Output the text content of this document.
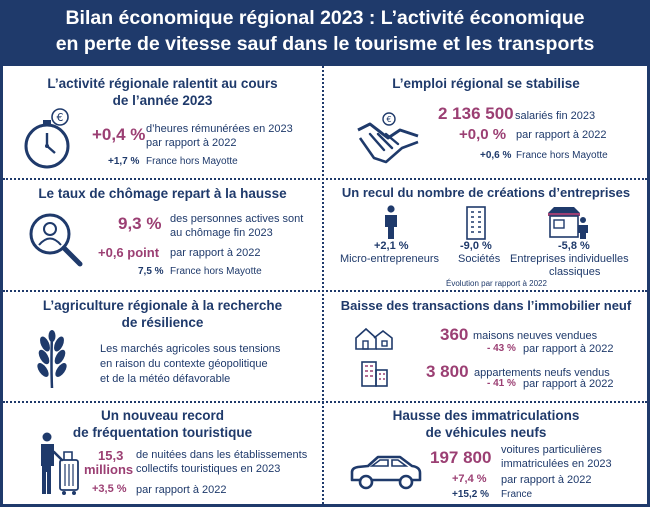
Bilan économique régional 2023 : L’activité économique
en perte de vitesse sauf dans le tourisme et les transports
L’activité régionale ralentit au cours
de l’année 2023
€
+0,4 % d’heures rémunérées en 2023
par rapport à 2022
+1,7 % France hors Mayotte
L’emploi régional se stabilise
€	2 136 500 salariés fin 2023
+0,0 % par rapport à 2022
+0,6 % France hors Mayotte
Le taux de chômage repart à la hausse
9,3 % des personnes actives sont
au chômage fin 2023
+0,6 point par rapport à 2022
7,5 % France hors Mayotte
Un recul du nombre de créations d’entreprises
+2,1 %
Micro-entrepreneurs
-9,0 %
Sociétés
-5,8 %
Entreprises individuelles
classiques
Évolution par rapport à 2022
L’agriculture régionale à la recherche
de résilience
Les marchés agricoles sous tensions
en raison du contexte géopolitique
et de la météo défavorable
Baisse des transactions dans l’immobilier neuf
360 maisons neuves vendues
- 43 % par rapport à 2022
3 800 appartements neufs vendus
- 41 % par rapport à 2022
Un nouveau record
de fréquentation touristique
15,3
millions
de nuitées dans les établissements
collectifs touristiques en 2023
+3,5 % par rapport à 2022
Hausse des immatriculations
de véhicules neufs
197 800 voitures particulières
immatriculées en 2023
+7,4 % par rapport à 2022
+15,2 % France
